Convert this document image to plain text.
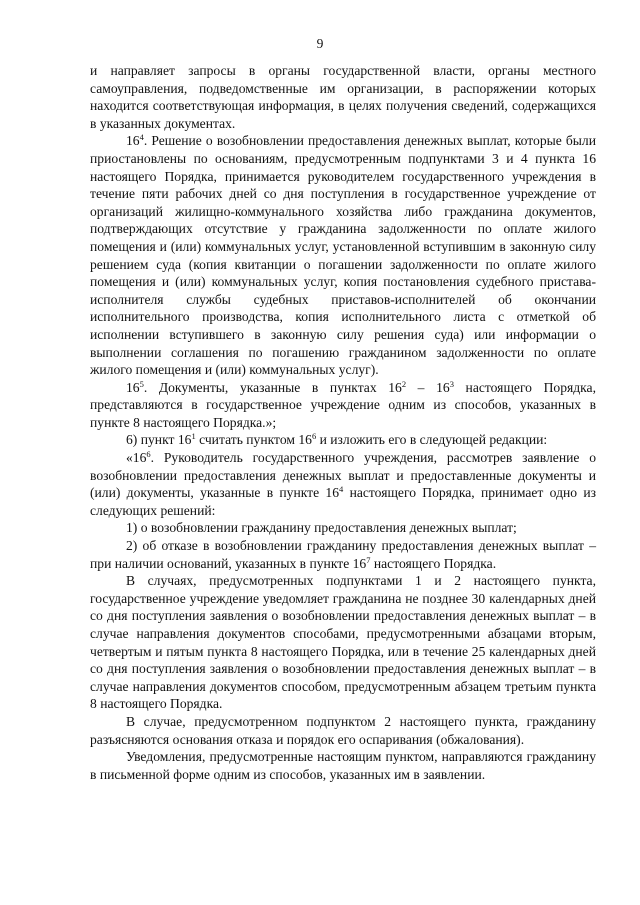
9

и направляет запросы в органы государственной власти, органы местного самоуправления, подведомственные им организации, в распоряжении которых находится соответствующая информация, в целях получения сведений, содержащихся в указанных документах.

$16^4$. Решение о возобновлении предоставления денежных выплат, которые были приостановлены по основаниям, предусмотренным подпунктами 3 и 4 пункта 16 настоящего Порядка, принимается руководителем государственного учреждения в течение пяти рабочих дней со дня поступления в государственное учреждение от организаций жилищно-коммунального хозяйства либо гражданина документов, подтверждающих отсутствие у гражданина задолженности по оплате жилого помещения и (или) коммунальных услуг, установленной вступившим в законную силу решением суда (копия квитанции о погашении задолженности по оплате жилого помещения и (или) коммунальных услуг, копия постановления судебного пристава-исполнителя службы судебных приставов-исполнителей об окончании исполнительного производства, копия исполнительного листа с отметкой об исполнении вступившего в законную силу решения суда) или информации о выполнении соглашения по погашению гражданином задолженности по оплате жилого помещения и (или) коммунальных услуг).

$16^5$. Документы, указанные в пунктах $16^2 - 16^3$ настоящего Порядка, представляются в государственное учреждение одним из способов, указанных в пункте 8 настоящего Порядка.»;

6) пункт $16^1$ считать пунктом $16^6$ и изложить его в следующей редакции:

«$16^6$. Руководитель государственного учреждения, рассмотрев заявление о возобновлении предоставления денежных выплат и предоставленные документы и (или) документы, указанные в пункте $16^4$ настоящего Порядка, принимает одно из следующих решений:

1) о возобновлении гражданину предоставления денежных выплат;

2) об отказе в возобновлении гражданину предоставления денежных выплат – при наличии оснований, указанных в пункте $16^7$ настоящего Порядка.

В случаях, предусмотренных подпунктами 1 и 2 настоящего пункта, государственное учреждение уведомляет гражданина не позднее 30 календарных дней со дня поступления заявления о возобновлении предоставления денежных выплат – в случае направления документов способами, предусмотренными абзацами вторым, четвертым и пятым пункта 8 настоящего Порядка, или в течение 25 календарных дней со дня поступления заявления о возобновлении предоставления денежных выплат – в случае направления документов способом, предусмотренным абзацем третьим пункта 8 настоящего Порядка.

В случае, предусмотренном подпунктом 2 настоящего пункта, гражданину разъясняются основания отказа и порядок его оспаривания (обжалования).

Уведомления, предусмотренные настоящим пунктом, направляются гражданину в письменной форме одним из способов, указанных им в заявлении.
